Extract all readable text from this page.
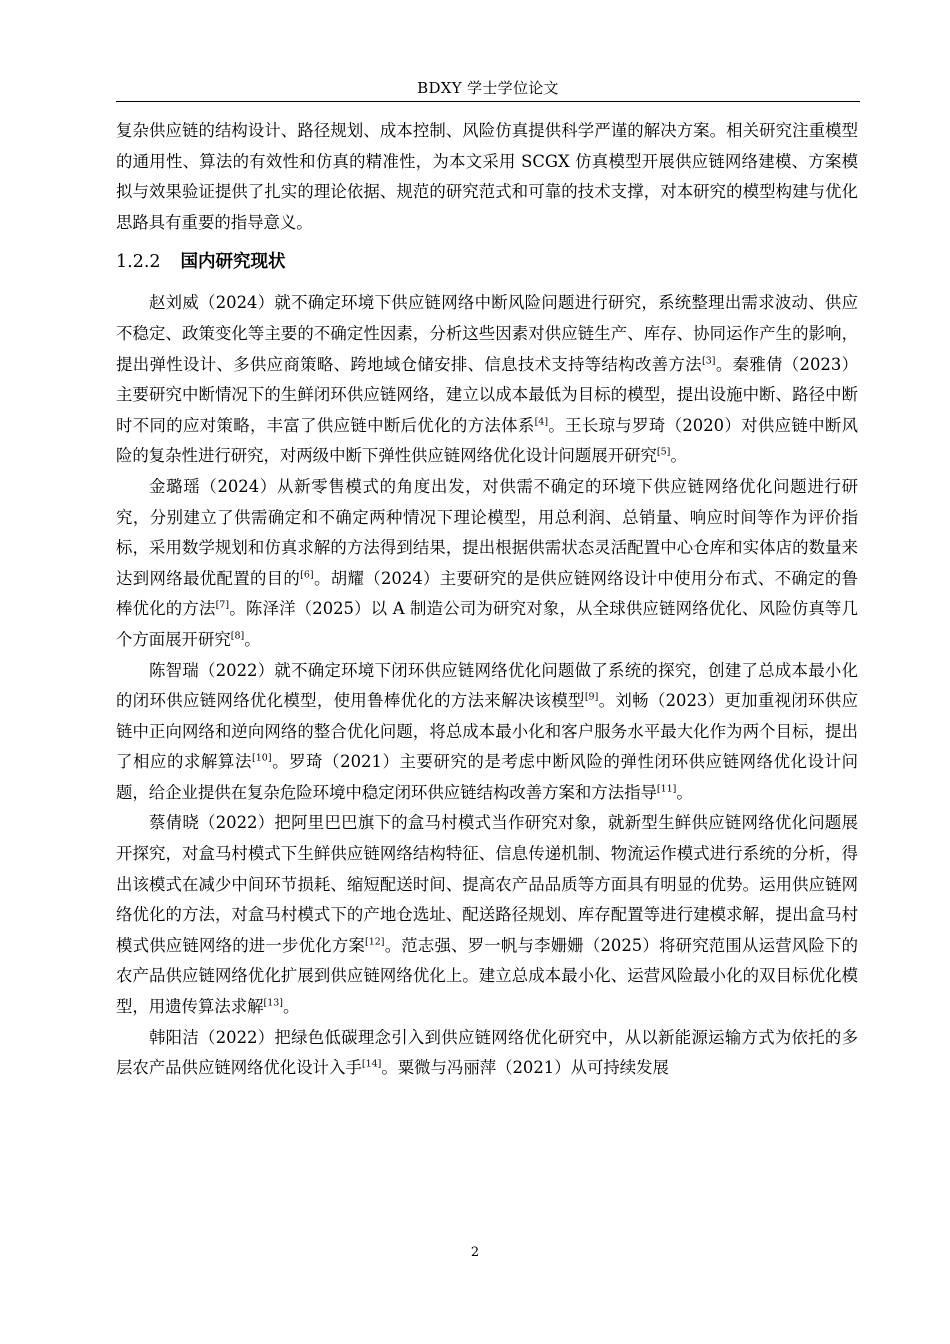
BDXY 学士学位论文

复杂供应链的结构设计、路径规划、成本控制、风险仿真提供科学严谨的解决方案。相关研究注重模型的通用性、算法的有效性和仿真的精准性，为本文采用 SCGX 仿真模型开展供应链网络建模、方案模拟与效果验证提供了扎实的理论依据、规范的研究范式和可靠的技术支撑，对本研究的模型构建与优化思路具有重要的指导意义。

1.2.2 国内研究现状

赵刘威（2024）就不确定环境下供应链网络中断风险问题进行研究，系统整理出需求波动、供应不稳定、政策变化等主要的不确定性因素，分析这些因素对供应链生产、库存、协同运作产生的影响，提出弹性设计、多供应商策略、跨地域仓储安排、信息技术支持等结构改善方法[3]。秦雅倩（2023）主要研究中断情况下的生鲜闭环供应链网络，建立以成本最低为目标的模型，提出设施中断、路径中断时不同的应对策略，丰富了供应链中断后优化的方法体系[4]。王长琼与罗琦（2020）对供应链中断风险的复杂性进行研究，对两级中断下弹性供应链网络优化设计问题展开研究[5]。

金璐瑶（2024）从新零售模式的角度出发，对供需不确定的环境下供应链网络优化问题进行研究，分别建立了供需确定和不确定两种情况下理论模型，用总利润、总销量、响应时间等作为评价指标，采用数学规划和仿真求解的方法得到结果，提出根据供需状态灵活配置中心仓库和实体店的数量来达到网络最优配置的目的[6]。胡耀（2024）主要研究的是供应链网络设计中使用分布式、不确定的鲁棒优化的方法[7]。陈泽洋（2025）以 A 制造公司为研究对象，从全球供应链网络优化、风险仿真等几个方面展开研究[8]。

陈智瑞（2022）就不确定环境下闭环供应链网络优化问题做了系统的探究，创建了总成本最小化的闭环供应链网络优化模型，使用鲁棒优化的方法来解决该模型[9]。刘畅（2023）更加重视闭环供应链中正向网络和逆向网络的整合优化问题，将总成本最小化和客户服务水平最大化作为两个目标，提出了相应的求解算法[10]。罗琦（2021）主要研究的是考虑中断风险的弹性闭环供应链网络优化设计问题，给企业提供在复杂危险环境中稳定闭环供应链结构改善方案和方法指导[11]。

蔡倩晓（2022）把阿里巴巴旗下的盒马村模式当作研究对象，就新型生鲜供应链网络优化问题展开探究，对盒马村模式下生鲜供应链网络结构特征、信息传递机制、物流运作模式进行系统的分析，得出该模式在减少中间环节损耗、缩短配送时间、提高农产品品质等方面具有明显的优势。运用供应链网络优化的方法，对盒马村模式下的产地仓选址、配送路径规划、库存配置等进行建模求解，提出盒马村模式供应链网络的进一步优化方案[12]。范志强、罗一帆与李姗姗（2025）将研究范围从运营风险下的农产品供应链网络优化扩展到供应链网络优化上。建立总成本最小化、运营风险最小化的双目标优化模型，用遗传算法求解[13]。

韩阳洁（2022）把绿色低碳理念引入到供应链网络优化研究中，从以新能源运输方式为依托的多层农产品供应链网络优化设计入手[14]。粟微与冯丽萍（2021）从可持续发展

2
